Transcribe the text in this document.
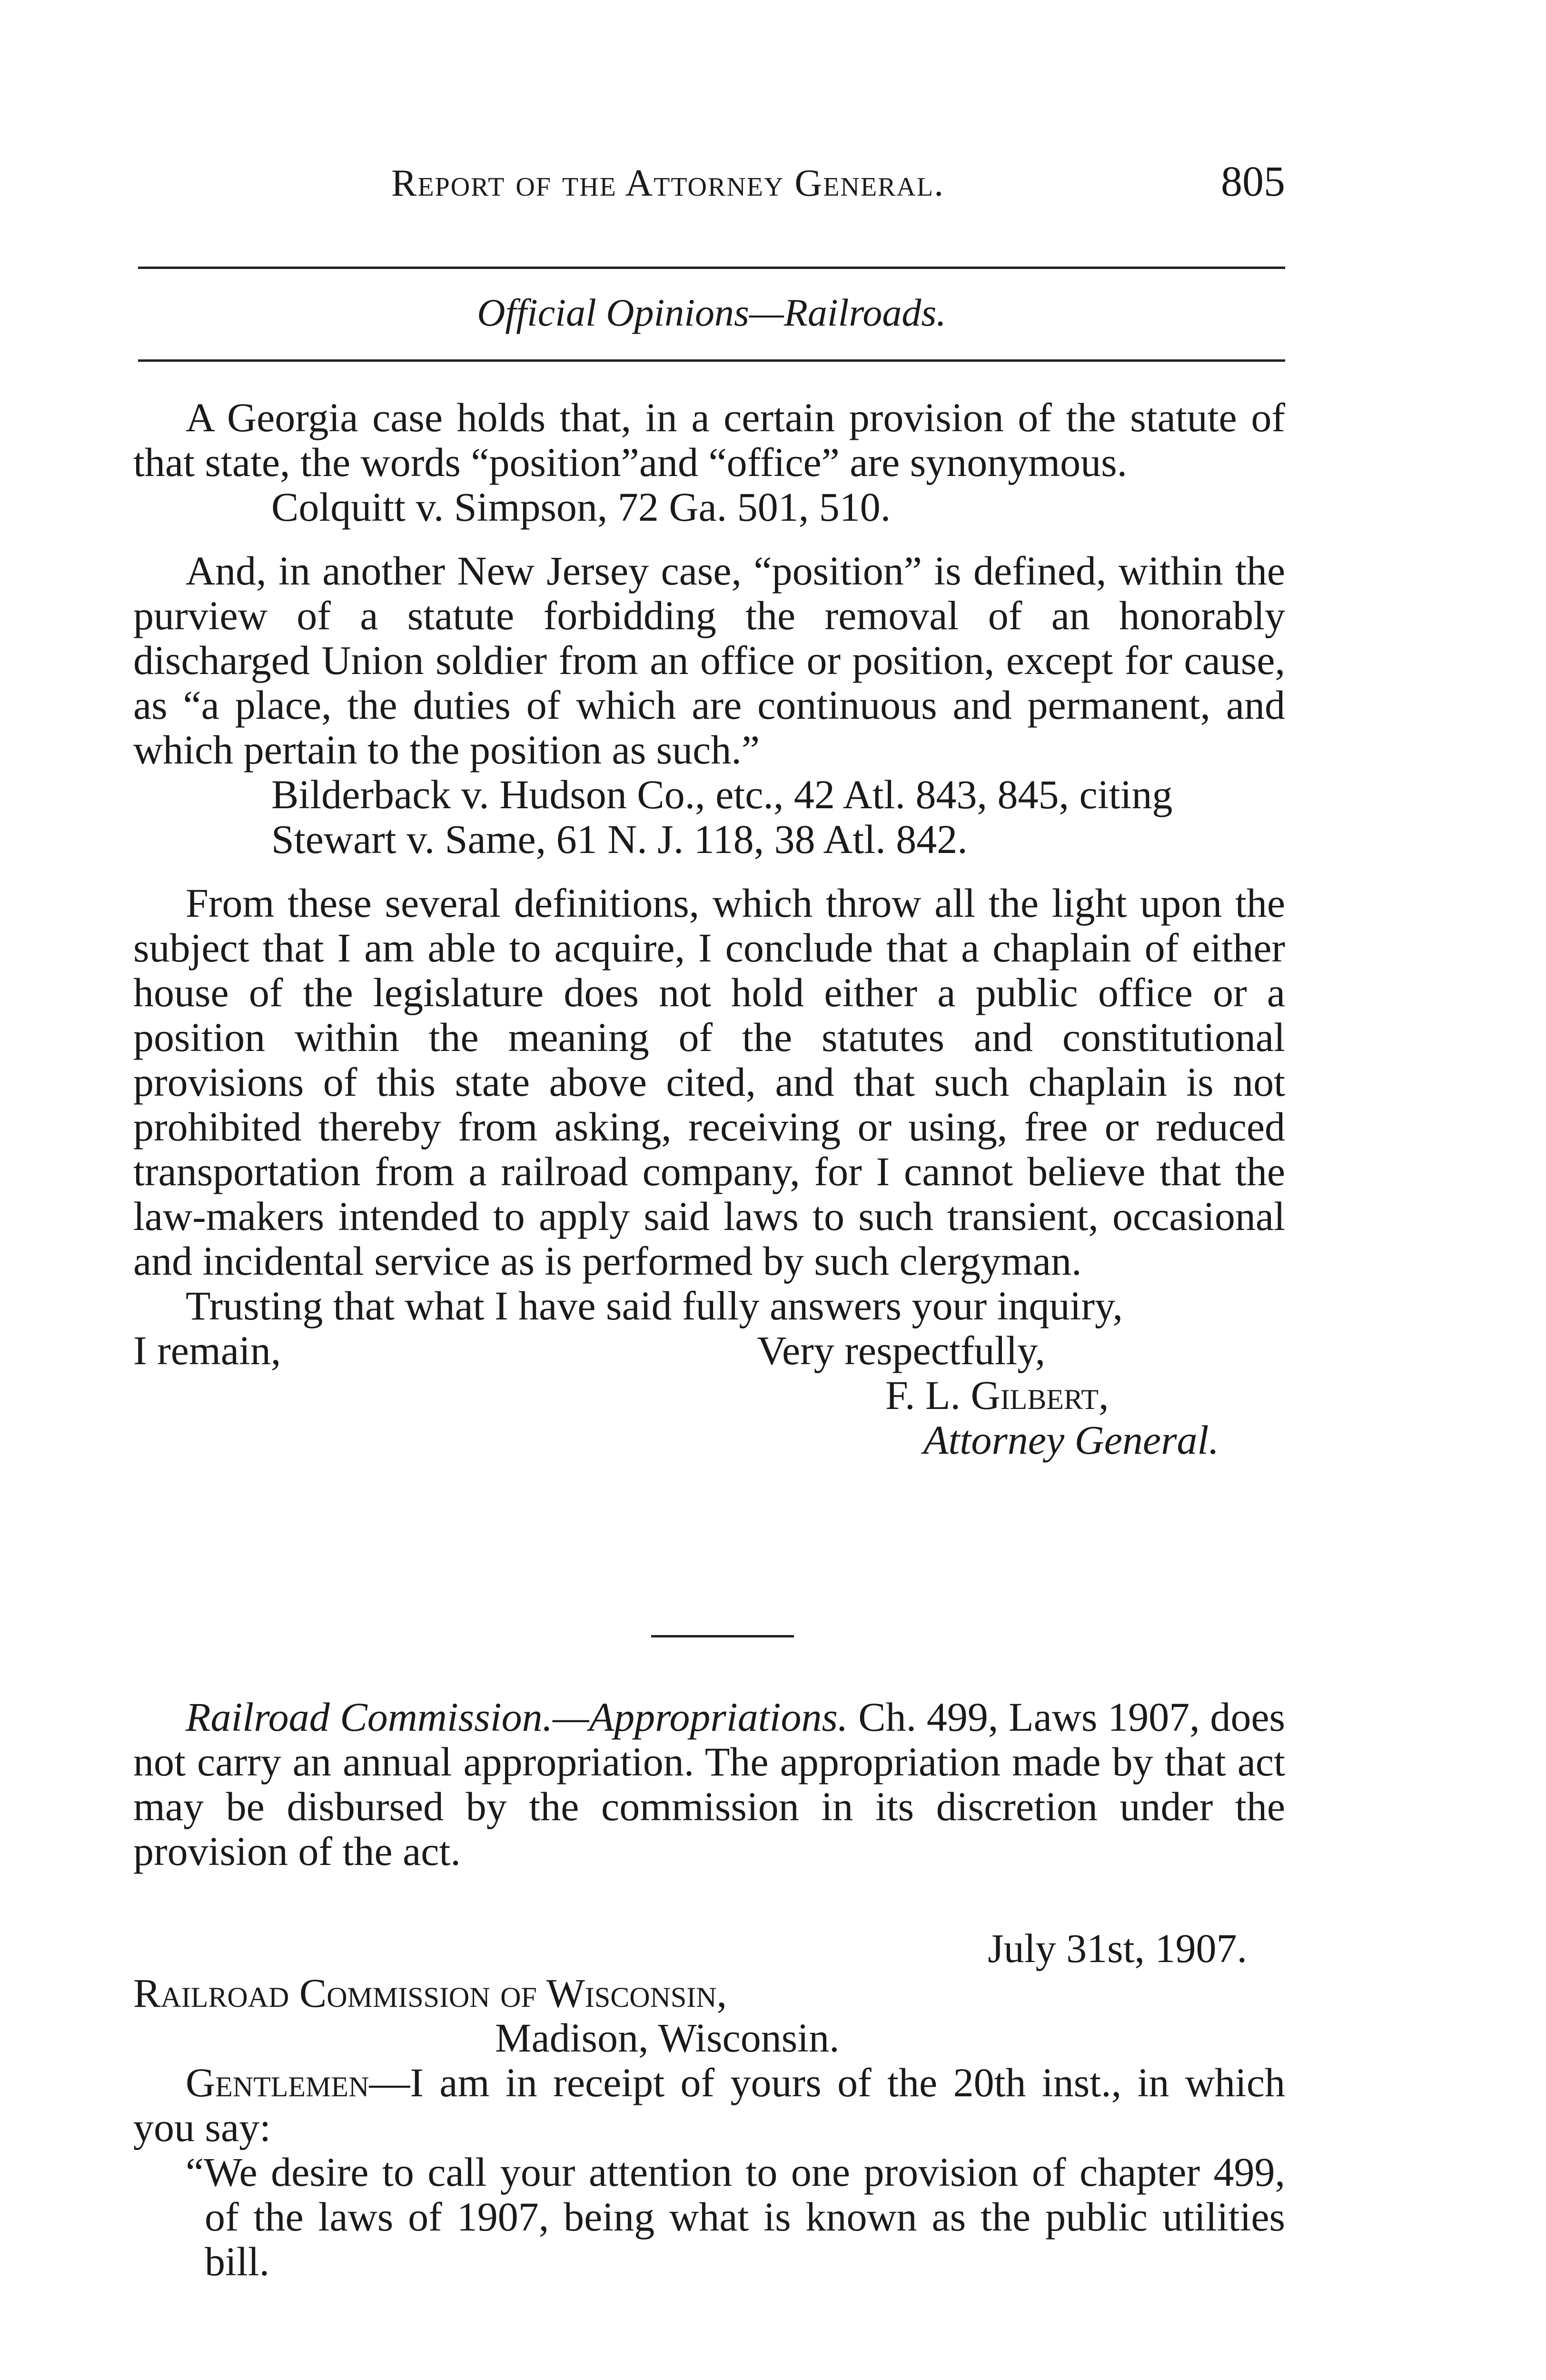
Report of the Attorney General.	805
Official Opinions—Railroads.

A Georgia case holds that, in a certain provision of the statute of that state, the words “position”and “office” are synonymous.

Colquitt v. Simpson, 72 Ga. 501, 510.

And, in another New Jersey case, “position” is defined, within the purview of a statute forbidding the removal of an honorably discharged Union soldier from an office or position, except for cause, as “a place, the duties of which are continuous and permanent, and which pertain to the position as such.”

Bilderback v. Hudson Co., etc., 42 Atl. 843, 845, citing

Stewart v. Same, 61 N. J. 118, 38 Atl. 842.

From these several definitions, which throw all the light upon the subject that I am able to acquire, I conclude that a chaplain of either house of the legislature does not hold either a public office or a position within the meaning of the statutes and constitutional provisions of this state above cited, and that such chaplain is not prohibited thereby from asking, receiving or using, free or reduced transportation from a railroad company, for I cannot believe that the law-makers intended to apply said laws to such transient, occasional and incidental service as is performed by such clergyman.

Trusting that what I have said fully answers your inquiry,

I remain,	Very respectfully,

F. L. Gilbert,

Attorney General.

Railroad Commission.—Appropriations. Ch. 499, Laws 1907, does not carry an annual appropriation. The appropriation made by that act may be disbursed by the commission in its discretion under the provision of the act.

July 31st, 1907.

Railroad Commission of Wisconsin,

Madison, Wisconsin.

Gentlemen—I am in receipt of yours of the 20th inst., in which you say:

“We desire to call your attention to one provision of chapter 499, of the laws of 1907, being what is known as the public utilities bill.
